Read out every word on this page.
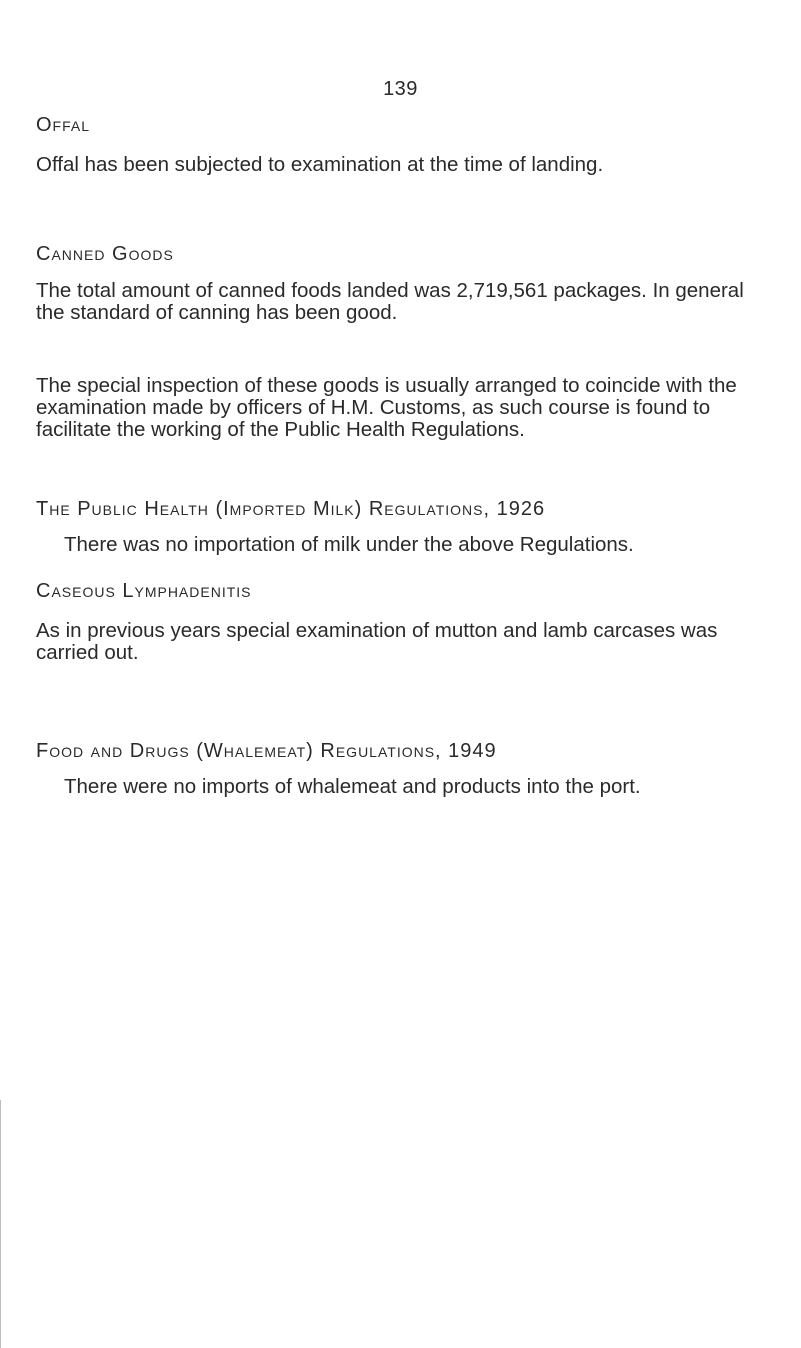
139
Offal
Offal has been subjected to examination at the time of landing.
Canned Goods
The total amount of canned foods landed was 2,719,561 packages. In general the standard of canning has been good.
The special inspection of these goods is usually arranged to coincide with the examination made by officers of H.M. Customs, as such course is found to facilitate the working of the Public Health Regulations.
The Public Health (Imported Milk) Regulations, 1926
There was no importation of milk under the above Regulations.
Caseous Lymphadenitis
As in previous years special examination of mutton and lamb carcases was carried out.
Food and Drugs (Whalemeat) Regulations, 1949
There were no imports of whalemeat and products into the port.
